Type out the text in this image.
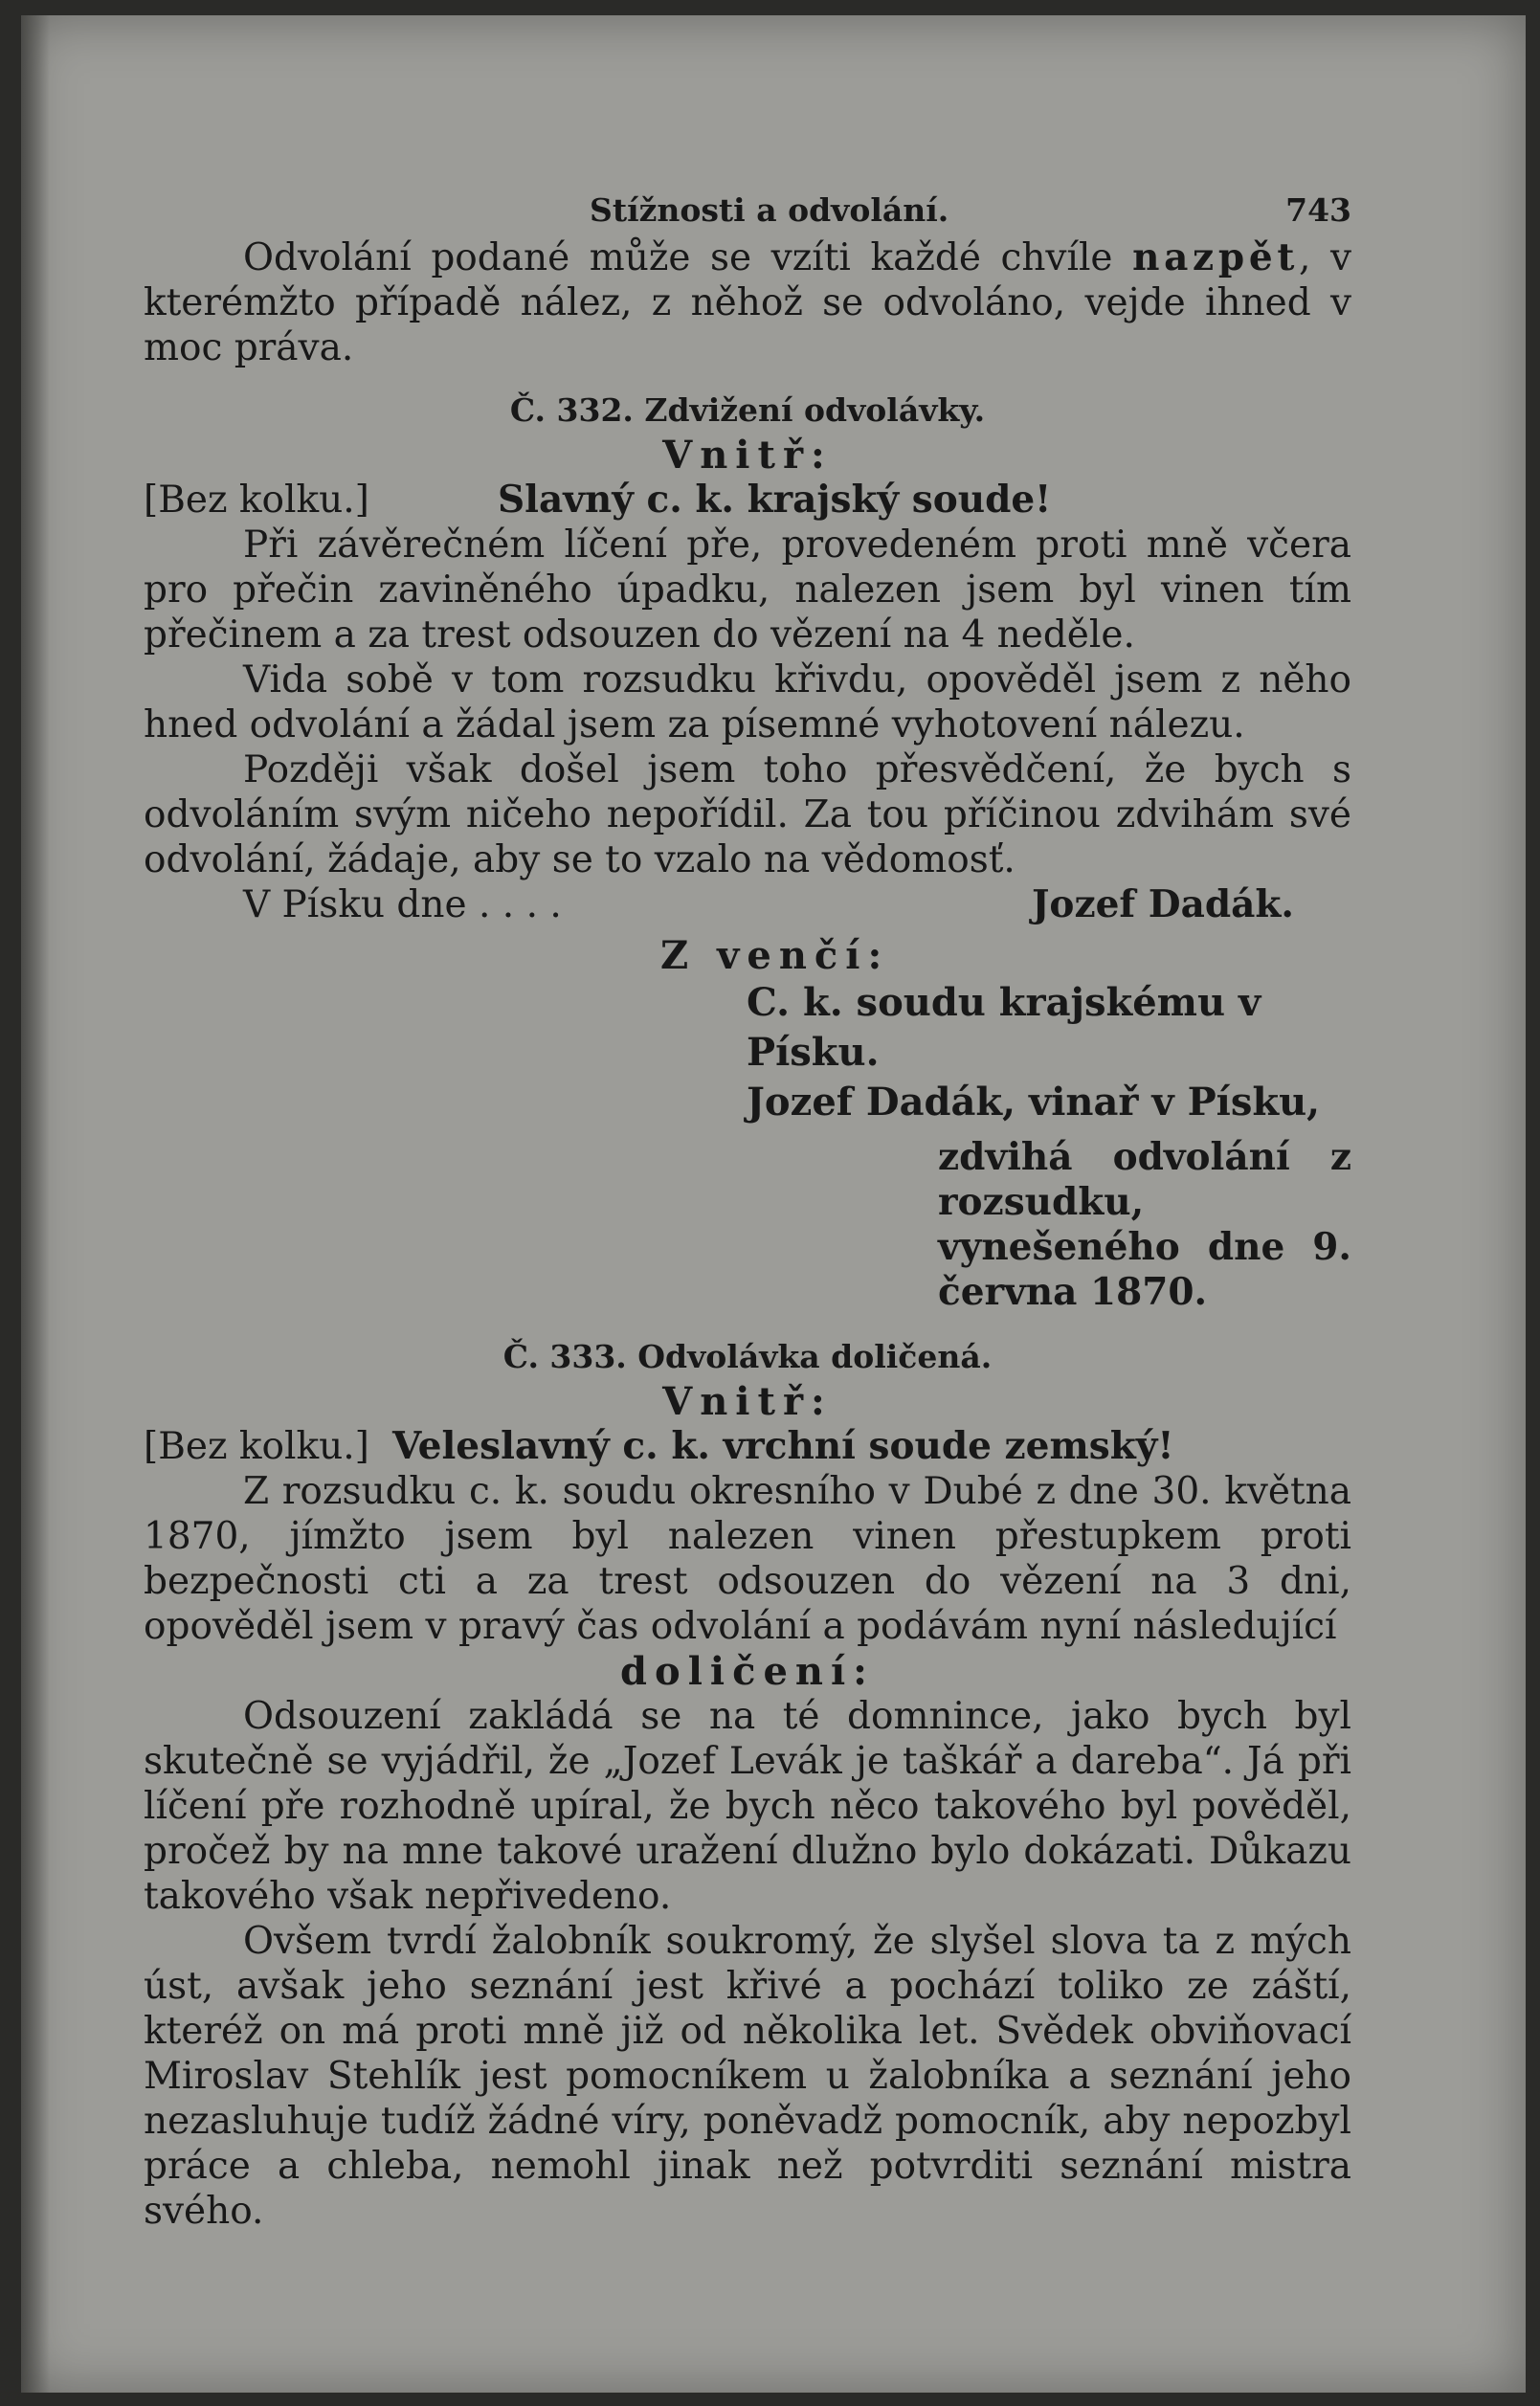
Stížnosti a odvolání.	743

Odvolání podané může se vzíti každé chvíle nazpět, v kterémžto případě nález, z něhož se odvoláno, vejde ihned v moc práva.

Č. 332. Zdvižení odvolávky.
Vnitř:
[Bez kolku.]	Slavný c. k. krajský soude!

Při závěrečném líčení pře, provedeném proti mně včera pro přečin zaviněného úpadku, nalezen jsem byl vinen tím přečinem a za trest odsouzen do vězení na 4 neděle.

Vida sobě v tom rozsudku křivdu, opověděl jsem z něho hned odvolání a žádal jsem za písemné vyhotovení nálezu.

Později však došel jsem toho přesvědčení, že bych s odvoláním svým ničeho nepořídil. Za tou příčinou zdvihám své odvolání, žádaje, aby se to vzalo na vědomosť.

V Písku dne . . . .	Jozef Dadák.
Z venčí:
C. k. soudu krajskému v Písku.
Jozef Dadák, vinař v Písku,

zdvihá odvolání z rozsudku, vynešeného dne 9. června 1870.

Č. 333. Odvolávka doličená.
Vnitř:
[Bez kolku.] Veleslavný c. k. vrchní soude zemský!

Z rozsudku c. k. soudu okresního v Dubé z dne 30. května 1870, jímžto jsem byl nalezen vinen přestupkem proti bezpečnosti cti a za trest odsouzen do vězení na 3 dni, opověděl jsem v pravý čas odvolání a podávám nyní následující

doličení:

Odsouzení zakládá se na té domnince, jako bych byl skutečně se vyjádřil, že „Jozef Levák je taškář a dareba“. Já při líčení pře rozhodně upíral, že bych něco takového byl pověděl, pročež by na mne takové uražení dlužno bylo dokázati. Důkazu takového však nepřivedeno.

Ovšem tvrdí žalobník soukromý, že slyšel slova ta z mých úst, avšak jeho seznání jest křivé a pochází toliko ze záští, kteréž on má proti mně již od několika let. Svědek obviňovací Miroslav Stehlík jest pomocníkem u žalobníka a seznání jeho nezasluhuje tudíž žádné víry, poněvadž pomocník, aby nepozbyl práce a chleba, nemohl jinak než potvrditi seznání mistra svého.
